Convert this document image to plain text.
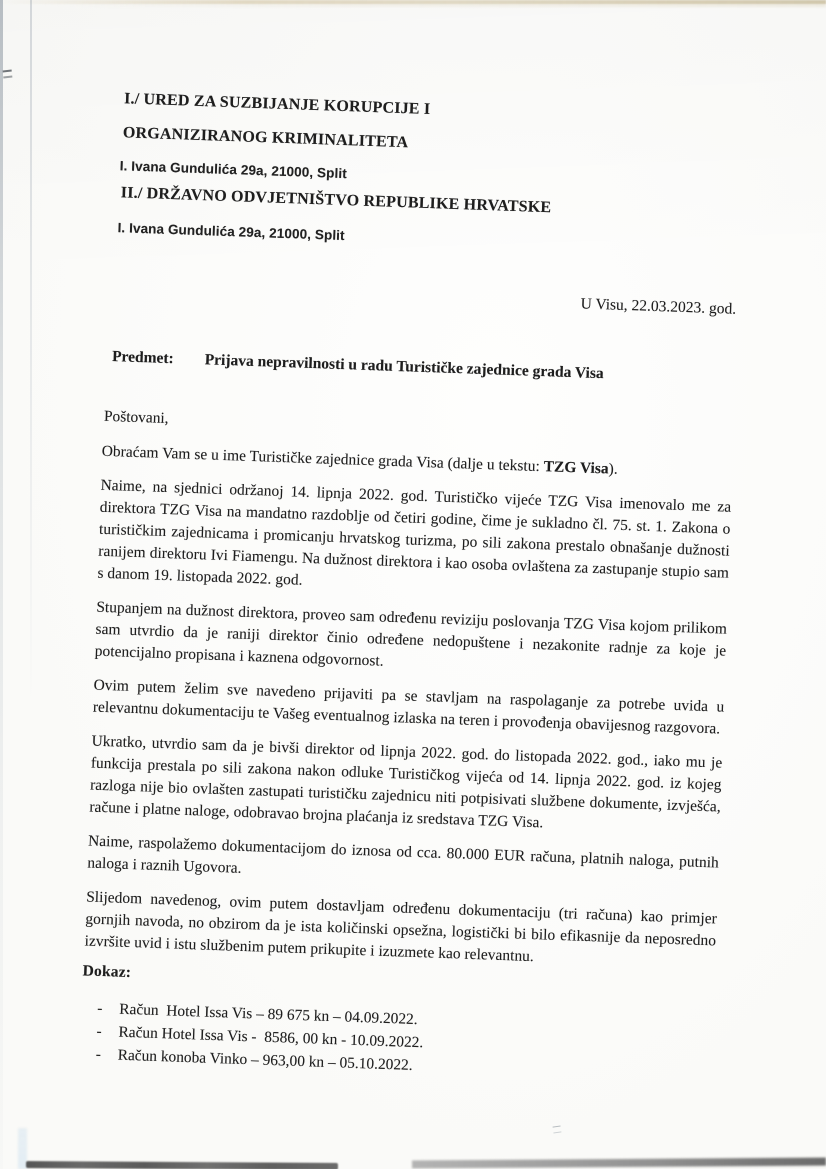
I./ URED ZA SUZBIJANJE KORUPCIJE I
ORGANIZIRANOG KRIMINALITETA
I. Ivana Gundulića 29a, 21000, Split
II./ DRŽAVNO ODVJETNIŠTVO REPUBLIKE HRVATSKE
I. Ivana Gundulića 29a, 21000, Split
U Visu, 22.03.2023. god.
Predmet: Prijava nepravilnosti u radu Turističke zajednice grada Visa

Poštovani,

Obraćam Vam se u ime Turističke zajednice grada Visa (dalje u tekstu: TZG Visa).

Naime, na sjednici održanoj 14. lipnja 2022. god. Turističko vijeće TZG Visa imenovalo me za direktora TZG Visa na mandatno razdoblje od četiri godine, čime je sukladno čl. 75. st. 1. Zakona o turističkim zajednicama i promicanju hrvatskog turizma, po sili zakona prestalo obnašanje dužnosti ranijem direktoru Ivi Fiamengu. Na dužnost direktora i kao osoba ovlaštena za zastupanje stupio sam s danom 19. listopada 2022. god.

Stupanjem na dužnost direktora, proveo sam određenu reviziju poslovanja TZG Visa kojom prilikom sam utvrdio da je raniji direktor činio određene nedopuštene i nezakonite radnje za koje je potencijalno propisana i kaznena odgovornost.

Ovim putem želim sve navedeno prijaviti pa se stavljam na raspolaganje za potrebe uvida u relevantnu dokumentaciju te Vašeg eventualnog izlaska na teren i provođenja obavijesnog razgovora.

Ukratko, utvrdio sam da je bivši direktor od lipnja 2022. god. do listopada 2022. god., iako mu je funkcija prestala po sili zakona nakon odluke Turističkog vijeća od 14. lipnja 2022. god. iz kojeg razloga nije bio ovlašten zastupati turističku zajednicu niti potpisivati službene dokumente, izvješća, račune i platne naloge, odobravao brojna plaćanja iz sredstava TZG Visa.

Naime, raspolažemo dokumentacijom do iznosa od cca. 80.000 EUR računa, platnih naloga, putnih naloga i raznih Ugovora.

Slijedom navedenog, ovim putem dostavljam određenu dokumentaciju (tri računa) kao primjer gornjih navoda, no obzirom da je ista količinski opsežna, logistički bi bilo efikasnije da neposredno izvršite uvid i istu službenim putem prikupite i izuzmete kao relevantnu.

Dokaz:

-	Račun  Hotel Issa Vis – 89 675 kn – 04.09.2022.
-	Račun Hotel Issa Vis -  8586, 00 kn - 10.09.2022.
-	Račun konoba Vinko – 963,00 kn – 05.10.2022.
